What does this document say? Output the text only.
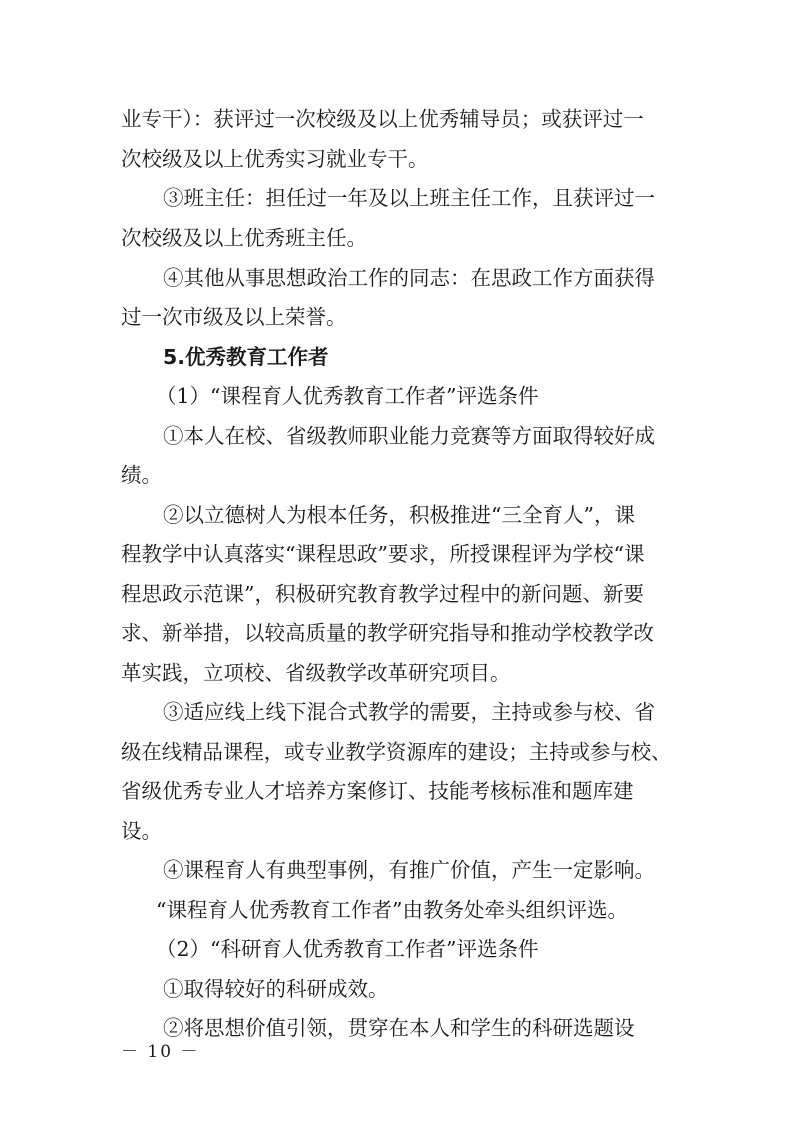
业专干）：获评过一次校级及以上优秀辅导员；或获评过一
次校级及以上优秀实习就业专干。
③班主任：担任过一年及以上班主任工作，且获评过一
次校级及以上优秀班主任。
④其他从事思想政治工作的同志：在思政工作方面获得
过一次市级及以上荣誉。
5.优秀教育工作者
（1）“课程育人优秀教育工作者”评选条件
①本人在校、省级教师职业能力竞赛等方面取得较好成
绩。
②以立德树人为根本任务，积极推进“三全育人”，课
程教学中认真落实“课程思政”要求，所授课程评为学校“课
程思政示范课”，积极研究教育教学过程中的新问题、新要
求、新举措，以较高质量的教学研究指导和推动学校教学改
革实践，立项校、省级教学改革研究项目。
③适应线上线下混合式教学的需要，主持或参与校、省
级在线精品课程，或专业教学资源库的建设；主持或参与校、
省级优秀专业人才培养方案修订、技能考核标准和题库建
设。
④课程育人有典型事例，有推广价值，产生一定影响。
“课程育人优秀教育工作者”由教务处牵头组织评选。
（2）“科研育人优秀教育工作者”评选条件
①取得较好的科研成效。
②将思想价值引领，贯穿在本人和学生的科研选题设
－ 10 －
